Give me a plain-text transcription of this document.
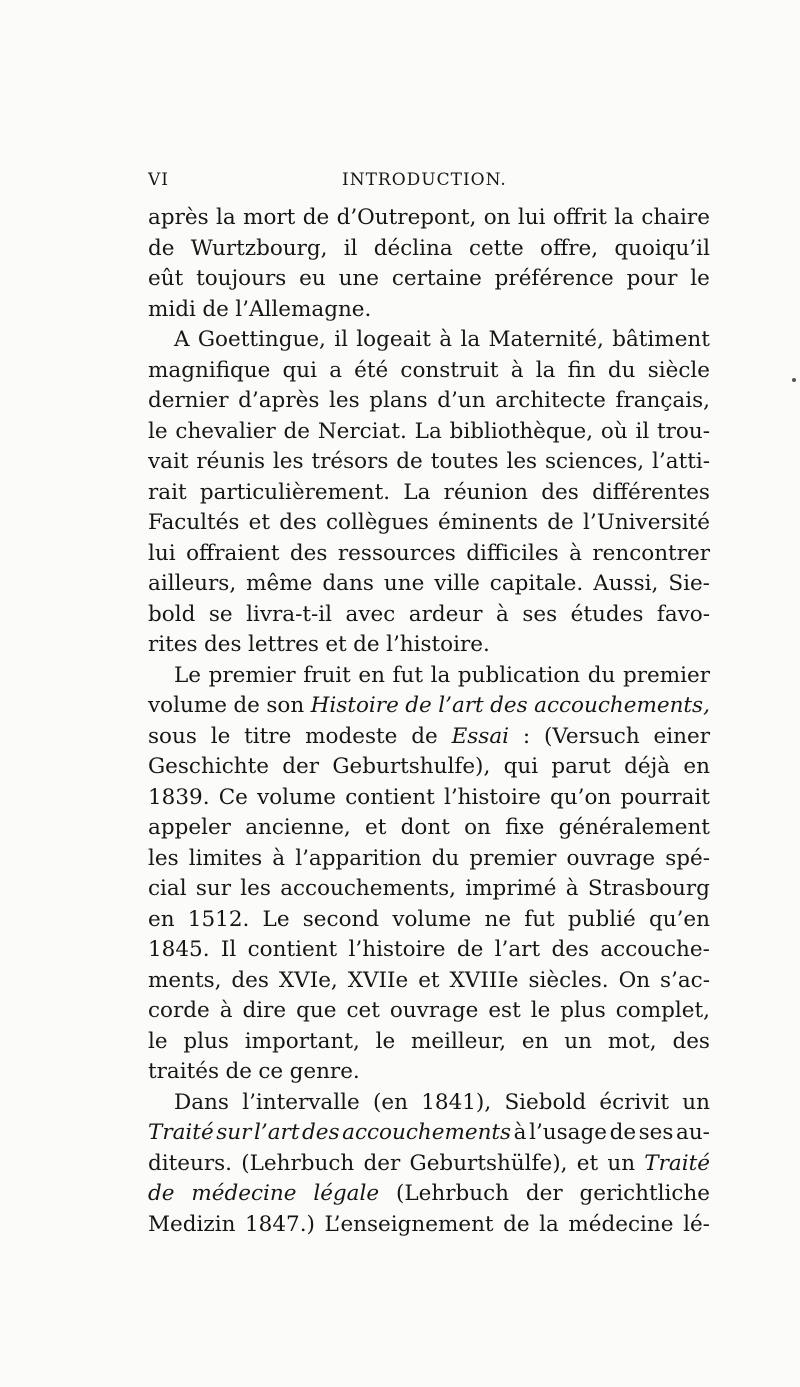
VI	INTRODUCTION.
après la mort de d’Outrepont, on lui offrit la chaire
de Wurtzbourg, il déclina cette offre, quoiqu’il
eût toujours eu une certaine préférence pour le
midi de l’Allemagne.
A Goettingue, il logeait à la Maternité, bâtiment
magnifique qui a été construit à la fin du siècle
dernier d’après les plans d’un architecte français,
le chevalier de Nerciat. La bibliothèque, où il trou-
vait réunis les trésors de toutes les sciences, l’atti-
rait particulièrement. La réunion des différentes
Facultés et des collègues éminents de l’Université
lui offraient des ressources difficiles à rencontrer
ailleurs, même dans une ville capitale. Aussi, Sie-
bold se livra-t-il avec ardeur à ses études favo-
rites des lettres et de l’histoire.
Le premier fruit en fut la publication du premier
volume de son Histoire de l’art des accouchements,
sous le titre modeste de Essai : (Versuch einer
Geschichte der Geburtshulfe), qui parut déjà en
1839. Ce volume contient l’histoire qu’on pourrait
appeler ancienne, et dont on fixe généralement
les limites à l’apparition du premier ouvrage spé-
cial sur les accouchements, imprimé à Strasbourg
en 1512. Le second volume ne fut publié qu’en
1845. Il contient l’histoire de l’art des accouche-
ments, des XVIe, XVIIe et XVIIIe siècles. On s’ac-
corde à dire que cet ouvrage est le plus complet,
le plus important, le meilleur, en un mot, des
traités de ce genre.
Dans l’intervalle (en 1841), Siebold écrivit un
Traité sur l’art des accouchements à l’usage de ses au-
diteurs. (Lehrbuch der Geburtshülfe), et un Traité
de médecine légale (Lehrbuch der gerichtliche
Medizin 1847.) L’enseignement de la médecine lé-
